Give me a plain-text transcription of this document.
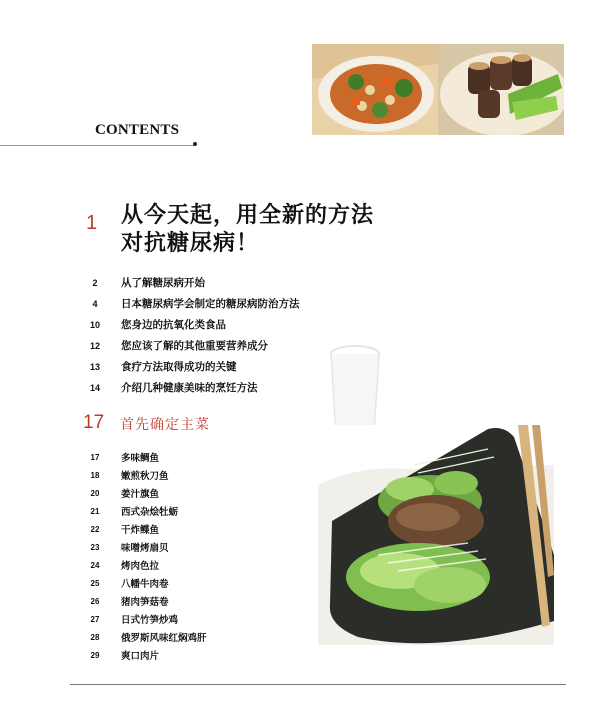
CONTENTS
1 从今天起，用全新的方法
对抗糖尿病！
2	从了解糖尿病开始
4	日本糖尿病学会制定的糖尿病防治方法
10	您身边的抗氧化类食品
12	您应该了解的其他重要营养成分
13	食疗方法取得成功的关键
14	介绍几种健康美味的烹饪方法
17 首先确定主菜
17	多味鲷鱼
18	嫩煎秋刀鱼
20	姜汁旗鱼
21	西式杂烩牡蛎
22	干炸鲽鱼
23	味噌烤扇贝
24	烤肉色拉
25	八幡牛肉卷
26	猪肉笋菇卷
27	日式竹笋炒鸡
28	俄罗斯风味红焖鸡肝
29	爽口肉片
